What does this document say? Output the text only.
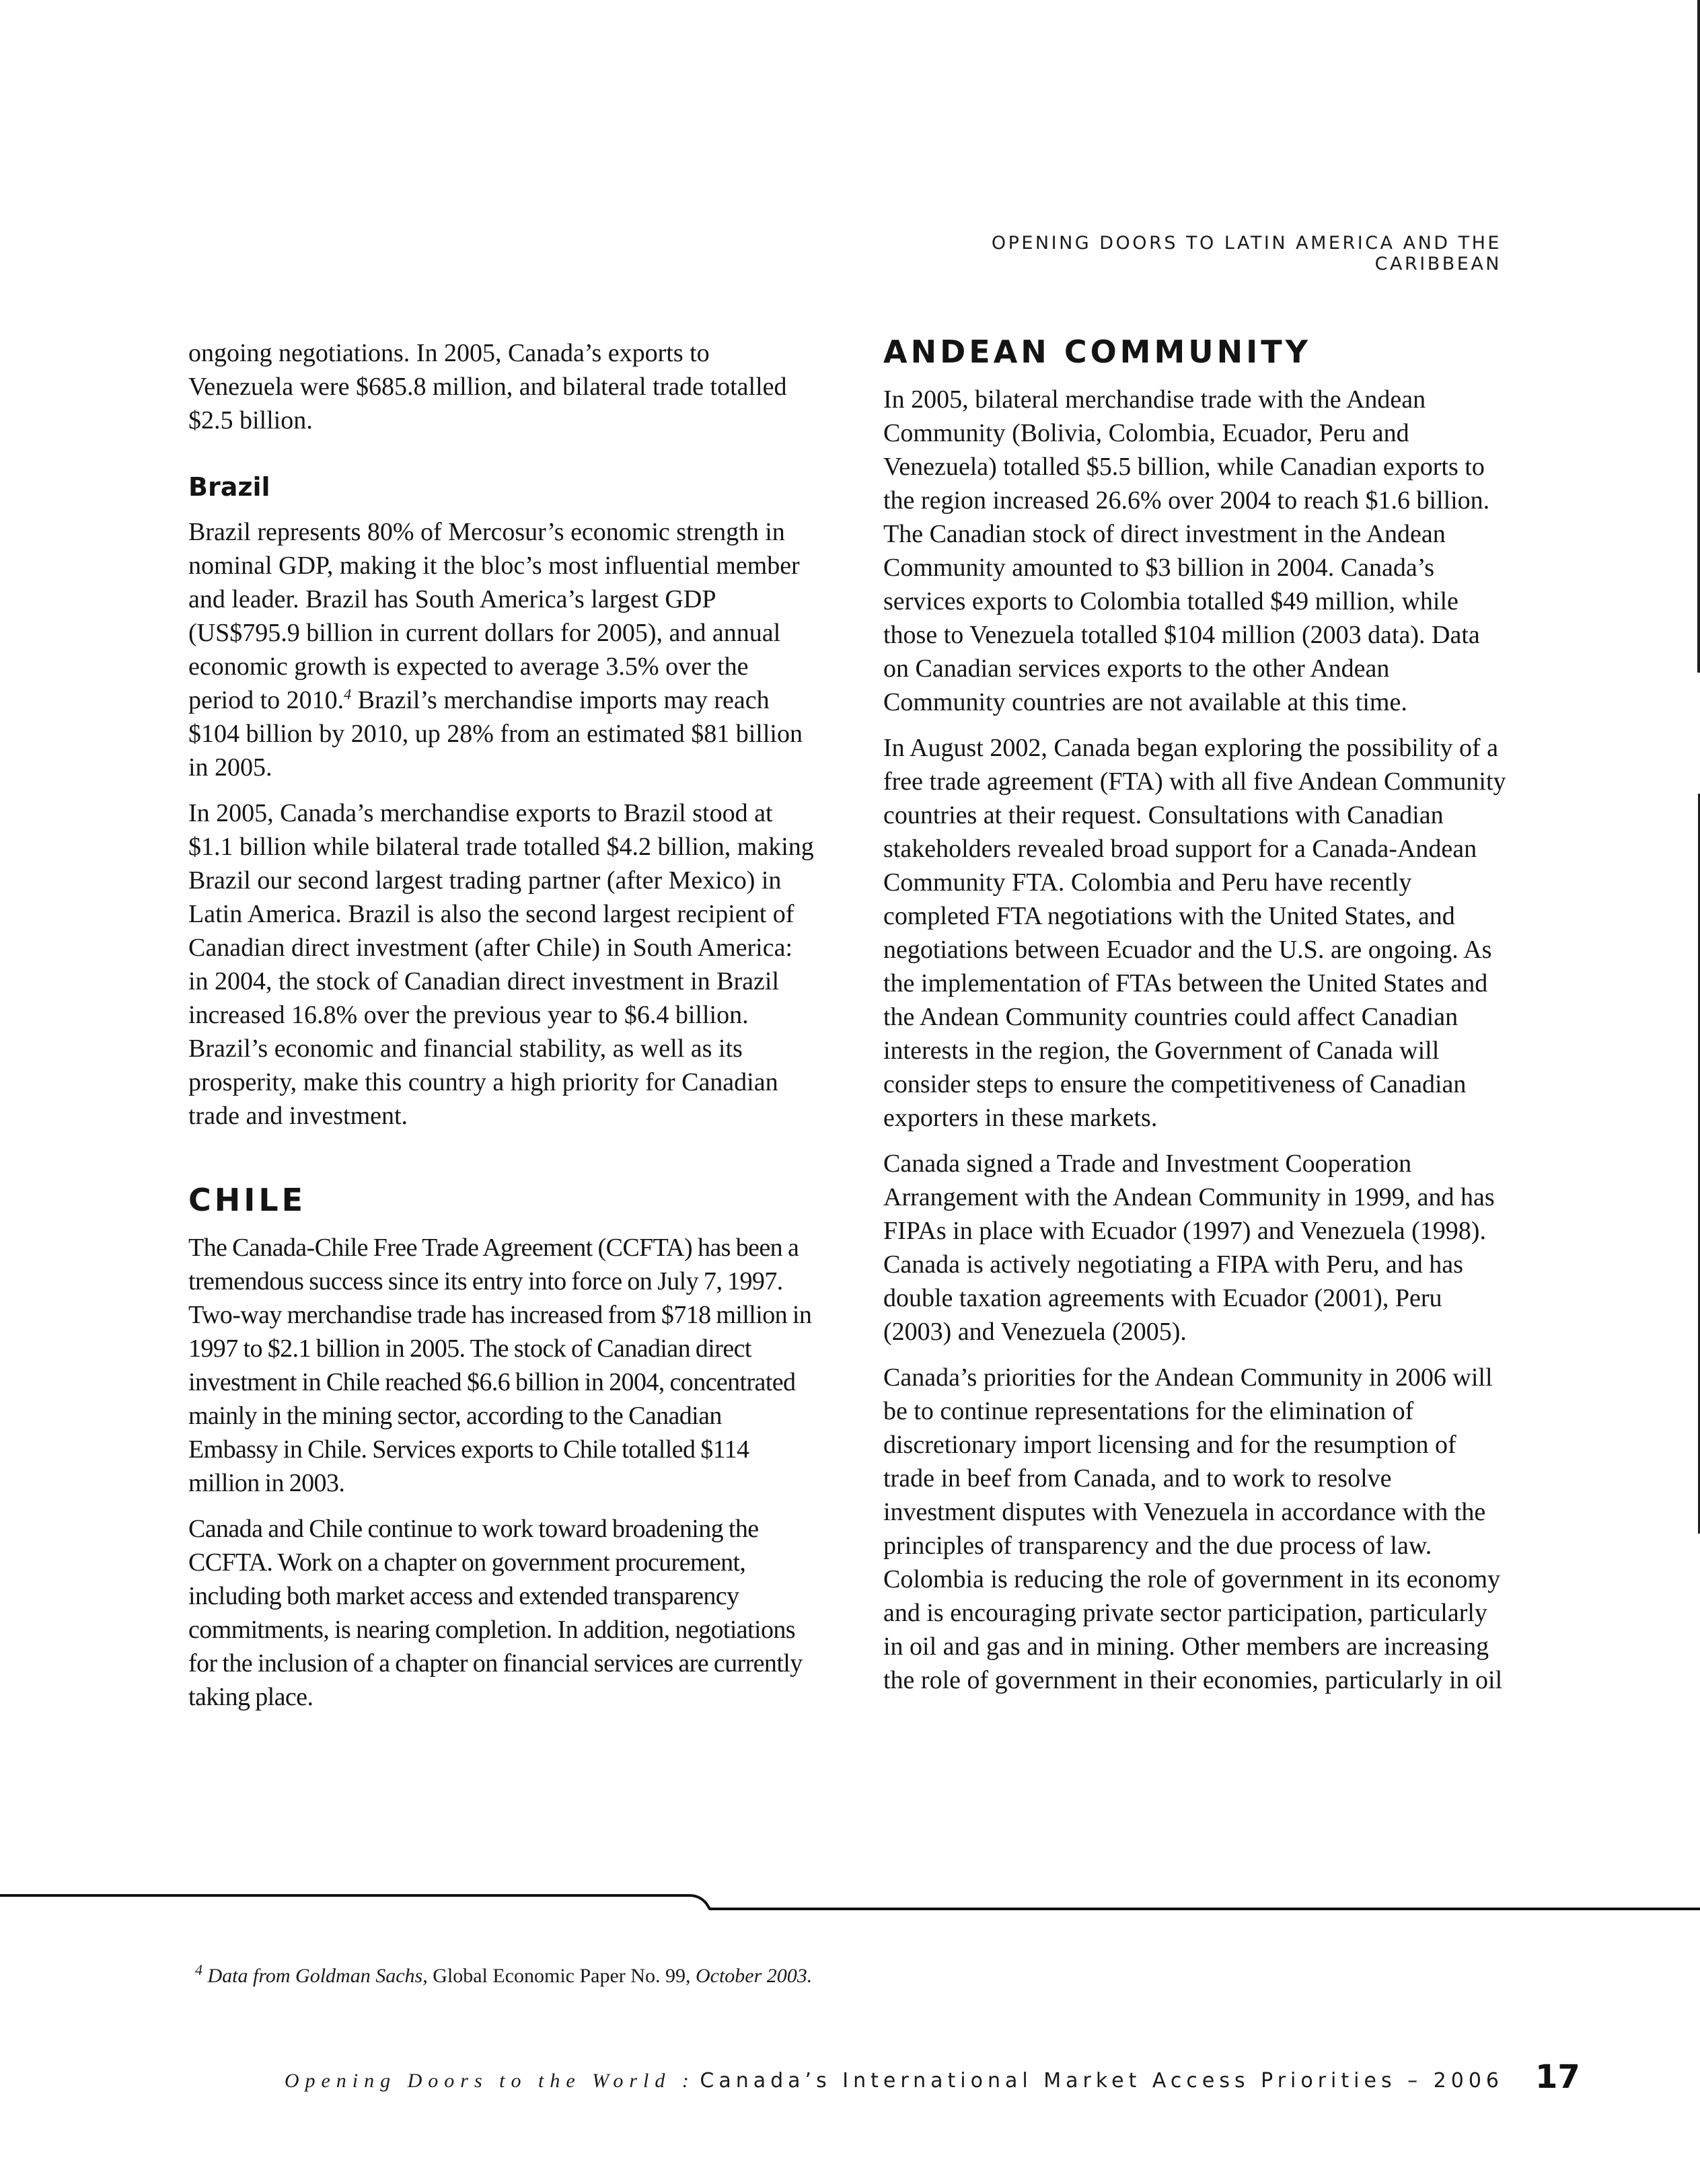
OPENING DOORS TO LATIN AMERICA AND THE CARIBBEAN

ongoing negotiations. In 2005, Canada’s exports to Venezuela were $685.8 million, and bilateral trade totalled $2.5 billion.

Brazil

Brazil represents 80% of Mercosur’s economic strength in nominal GDP, making it the bloc’s most influential member and leader. Brazil has South America’s largest GDP (US$795.9 billion in current dollars for 2005), and annual economic growth is expected to average 3.5% over the period to 2010.$^4$ Brazil’s merchandise imports may reach $104 billion by 2010, up 28% from an estimated $81 billion in 2005.

In 2005, Canada’s merchandise exports to Brazil stood at $1.1 billion while bilateral trade totalled $4.2 billion, making Brazil our second largest trading partner (after Mexico) in Latin America. Brazil is also the second largest recipient of Canadian direct investment (after Chile) in South America: in 2004, the stock of Canadian direct investment in Brazil increased 16.8% over the previous year to $6.4 billion. Brazil’s economic and financial stability, as well as its prosperity, make this country a high priority for Canadian trade and investment.

CHILE

The Canada-Chile Free Trade Agreement (CCFTA) has been a tremendous success since its entry into force on July 7, 1997. Two-way merchandise trade has increased from $718 million in 1997 to $2.1 billion in 2005. The stock of Canadian direct investment in Chile reached $6.6 billion in 2004, concentrated mainly in the mining sector, according to the Canadian Embassy in Chile. Services exports to Chile totalled $114 million in 2003.

Canada and Chile continue to work toward broadening the CCFTA. Work on a chapter on government procurement, including both market access and extended transparency commitments, is nearing completion. In addition, negotiations for the inclusion of a chapter on financial services are currently taking place.

ANDEAN COMMUNITY

In 2005, bilateral merchandise trade with the Andean Community (Bolivia, Colombia, Ecuador, Peru and Venezuela) totalled $5.5 billion, while Canadian exports to the region increased 26.6% over 2004 to reach $1.6 billion. The Canadian stock of direct investment in the Andean Community amounted to $3 billion in 2004. Canada’s services exports to Colombia totalled $49 million, while those to Venezuela totalled $104 million (2003 data). Data on Canadian services exports to the other Andean Community countries are not available at this time.

In August 2002, Canada began exploring the possibility of a free trade agreement (FTA) with all five Andean Community countries at their request. Consultations with Canadian stakeholders revealed broad support for a Canada-Andean Community FTA. Colombia and Peru have recently completed FTA negotiations with the United States, and negotiations between Ecuador and the U.S. are ongoing. As the implementation of FTAs between the United States and the Andean Community countries could affect Canadian interests in the region, the Government of Canada will consider steps to ensure the competitiveness of Canadian exporters in these markets.

Canada signed a Trade and Investment Cooperation Arrangement with the Andean Community in 1999, and has FIPAs in place with Ecuador (1997) and Venezuela (1998). Canada is actively negotiating a FIPA with Peru, and has double taxation agreements with Ecuador (2001), Peru (2003) and Venezuela (2005).

Canada’s priorities for the Andean Community in 2006 will be to continue representations for the elimination of discretionary import licensing and for the resumption of trade in beef from Canada, and to work to resolve investment disputes with Venezuela in accordance with the principles of transparency and the due process of law. Colombia is reducing the role of government in its economy and is encouraging private sector participation, particularly in oil and gas and in mining. Other members are increasing the role of government in their economies, particularly in oil

$^4$ Data from Goldman Sachs, Global Economic Paper No. 99, October 2003.
Opening Doors to the World : Canada’s International Market Access Priorities – 2006 17
